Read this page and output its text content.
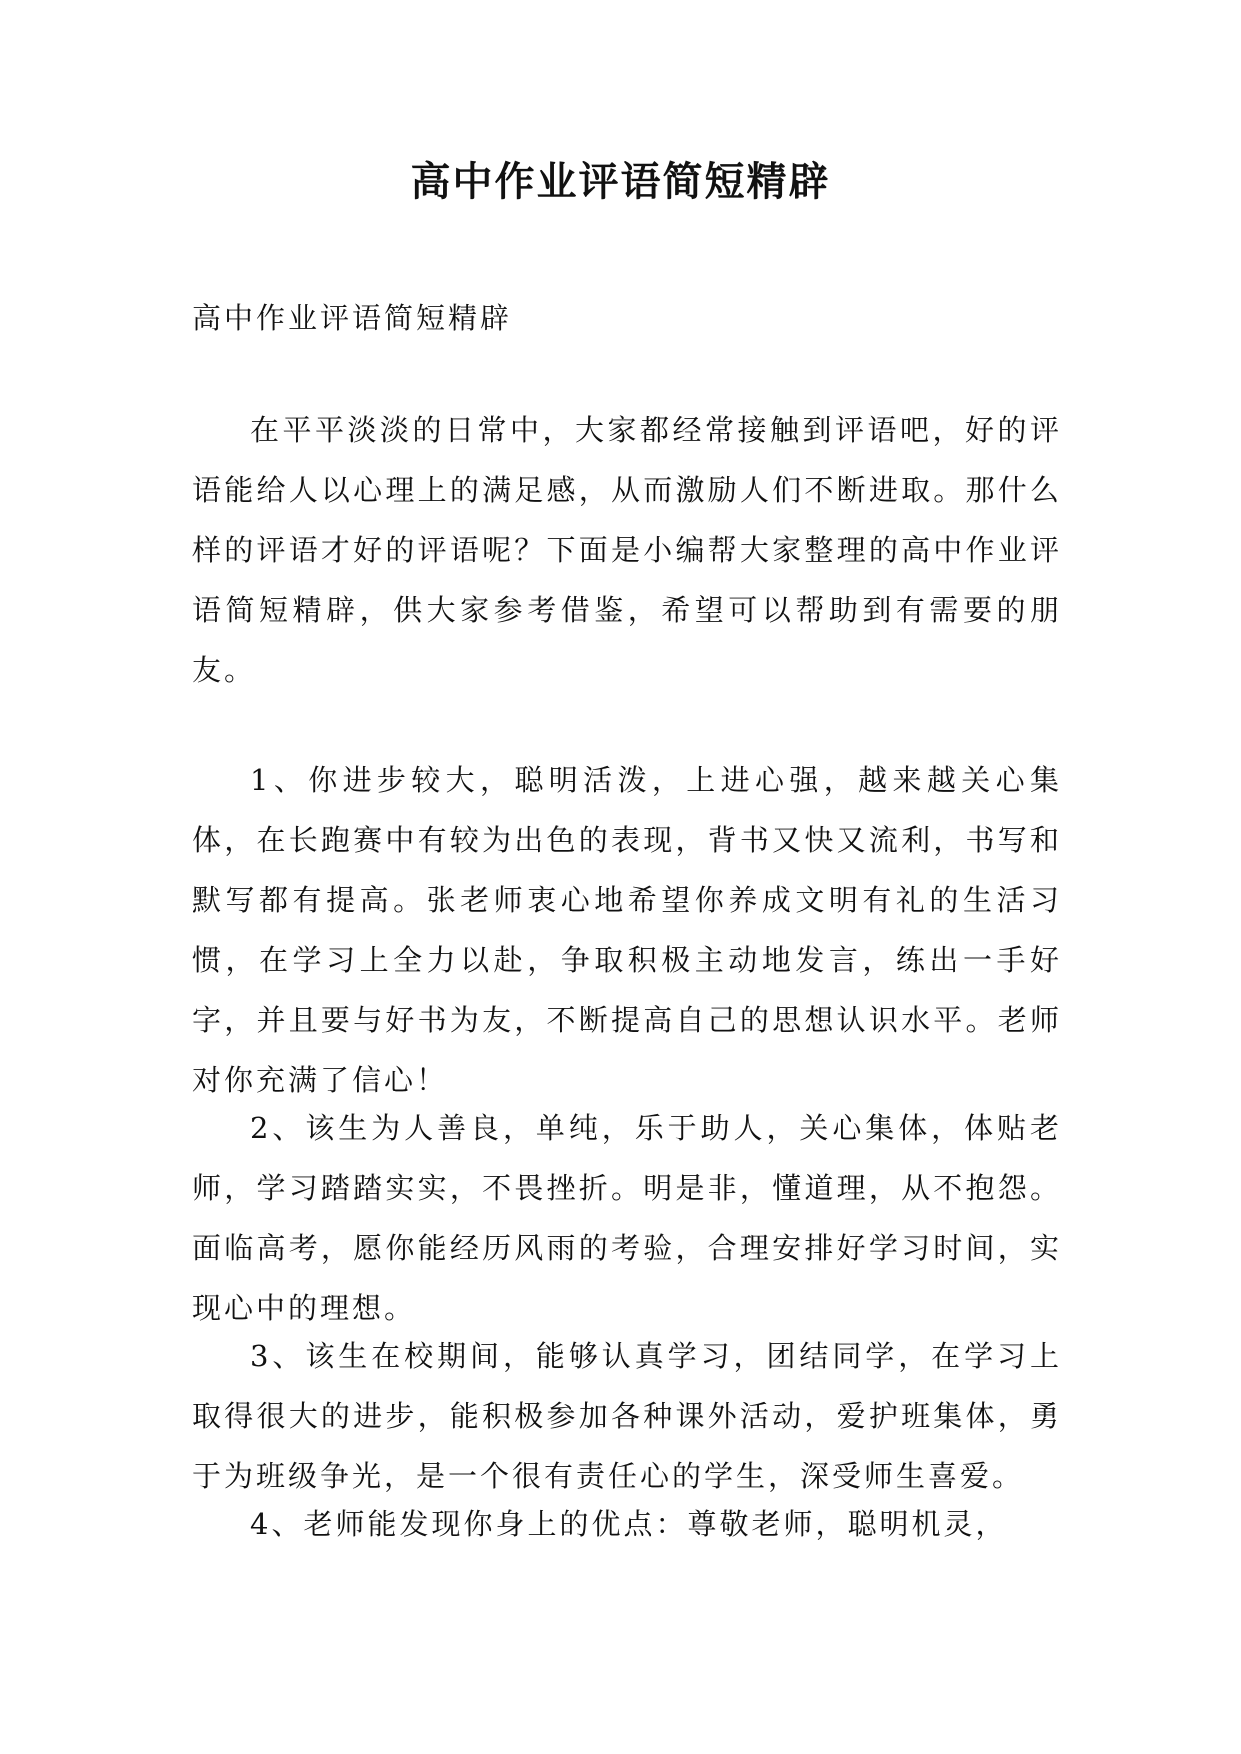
高中作业评语简短精辟

高中作业评语简短精辟

在平平淡淡的日常中，大家都经常接触到评语吧，好的评语能给人以心理上的满足感，从而激励人们不断进取。那什么样的评语才好的评语呢？下面是小编帮大家整理的高中作业评语简短精辟，供大家参考借鉴，希望可以帮助到有需要的朋友。

1、你进步较大，聪明活泼，上进心强，越来越关心集体，在长跑赛中有较为出色的表现，背书又快又流利，书写和默写都有提高。张老师衷心地希望你养成文明有礼的生活习惯，在学习上全力以赴，争取积极主动地发言，练出一手好字，并且要与好书为友，不断提高自己的思想认识水平。老师对你充满了信心！

2、该生为人善良，单纯，乐于助人，关心集体，体贴老师，学习踏踏实实，不畏挫折。明是非，懂道理，从不抱怨。面临高考，愿你能经历风雨的考验，合理安排好学习时间，实现心中的理想。

3、该生在校期间，能够认真学习，团结同学，在学习上取得很大的进步，能积极参加各种课外活动，爱护班集体，勇于为班级争光，是一个很有责任心的学生，深受师生喜爱。

4、老师能发现你身上的优点：尊敬老师，聪明机灵，
